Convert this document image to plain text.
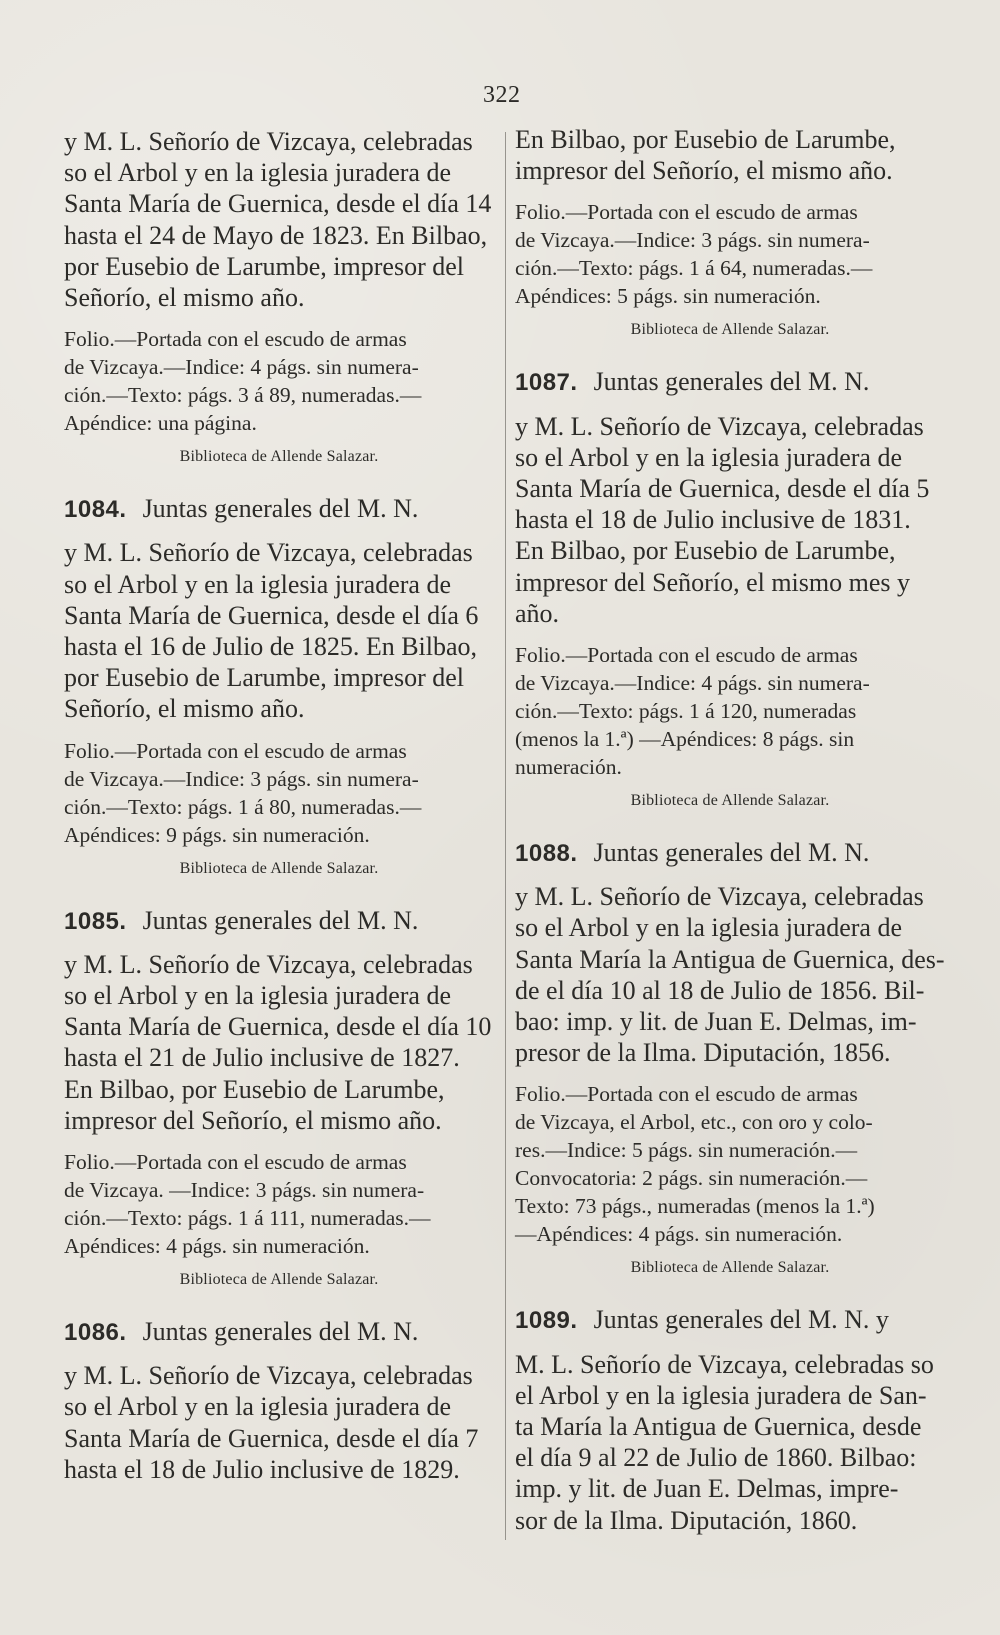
322

y M. L. Señorío de Vizcaya, celebradas
so el Arbol y en la iglesia juradera de
Santa María de Guernica, desde el día 14
hasta el 24 de Mayo de 1823. En Bilbao,
por Eusebio de Larumbe, impresor del
Señorío, el mismo año.

Folio.—Portada con el escudo de armas
de Vizcaya.—Indice: 4 págs. sin numera-
ción.—Texto: págs. 3 á 89, numeradas.—
Apéndice: una página.

Biblioteca de Allende Salazar.

1084. Juntas generales del M. N.

y M. L. Señorío de Vizcaya, celebradas
so el Arbol y en la iglesia juradera de
Santa María de Guernica, desde el día 6
hasta el 16 de Julio de 1825. En Bilbao,
por Eusebio de Larumbe, impresor del
Señorío, el mismo año.

Folio.—Portada con el escudo de armas
de Vizcaya.—Indice: 3 págs. sin numera-
ción.—Texto: págs. 1 á 80, numeradas.—
Apéndices: 9 págs. sin numeración.

Biblioteca de Allende Salazar.

1085. Juntas generales del M. N.

y M. L. Señorío de Vizcaya, celebradas
so el Arbol y en la iglesia juradera de
Santa María de Guernica, desde el día 10
hasta el 21 de Julio inclusive de 1827.
En Bilbao, por Eusebio de Larumbe,
impresor del Señorío, el mismo año.

Folio.—Portada con el escudo de armas
de Vizcaya. —Indice: 3 págs. sin numera-
ción.—Texto: págs. 1 á 111, numeradas.—
Apéndices: 4 págs. sin numeración.

Biblioteca de Allende Salazar.

1086. Juntas generales del M. N.

y M. L. Señorío de Vizcaya, celebradas
so el Arbol y en la iglesia juradera de
Santa María de Guernica, desde el día 7
hasta el 18 de Julio inclusive de 1829.

En Bilbao, por Eusebio de Larumbe,
impresor del Señorío, el mismo año.

Folio.—Portada con el escudo de armas
de Vizcaya.—Indice: 3 págs. sin numera-
ción.—Texto: págs. 1 á 64, numeradas.—
Apéndices: 5 págs. sin numeración.

Biblioteca de Allende Salazar.

1087. Juntas generales del M. N.

y M. L. Señorío de Vizcaya, celebradas
so el Arbol y en la iglesia juradera de
Santa María de Guernica, desde el día 5
hasta el 18 de Julio inclusive de 1831.
En Bilbao, por Eusebio de Larumbe,
impresor del Señorío, el mismo mes y
año.

Folio.—Portada con el escudo de armas
de Vizcaya.—Indice: 4 págs. sin numera-
ción.—Texto: págs. 1 á 120, numeradas
(menos la 1.ª) —Apéndices: 8 págs. sin
numeración.

Biblioteca de Allende Salazar.

1088. Juntas generales del M. N.

y M. L. Señorío de Vizcaya, celebradas
so el Arbol y en la iglesia juradera de
Santa María la Antigua de Guernica, des-
de el día 10 al 18 de Julio de 1856. Bil-
bao: imp. y lit. de Juan E. Delmas, im-
presor de la Ilma. Diputación, 1856.

Folio.—Portada con el escudo de armas
de Vizcaya, el Arbol, etc., con oro y colo-
res.—Indice: 5 págs. sin numeración.—
Convocatoria: 2 págs. sin numeración.—
Texto: 73 págs., numeradas (menos la 1.ª)
—Apéndices: 4 págs. sin numeración.

Biblioteca de Allende Salazar.

1089. Juntas generales del M. N. y

M. L. Señorío de Vizcaya, celebradas so
el Arbol y en la iglesia juradera de San-
ta María la Antigua de Guernica, desde
el día 9 al 22 de Julio de 1860. Bilbao:
imp. y lit. de Juan E. Delmas, impre-
sor de la Ilma. Diputación, 1860.
